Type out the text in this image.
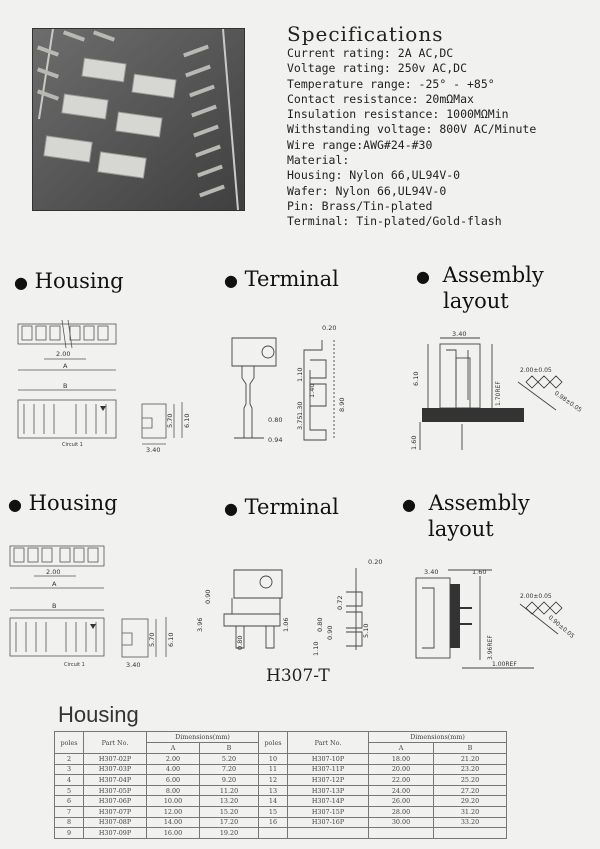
Specifications
Current rating: 2A AC,DC
Voltage rating: 250v AC,DC
Temperature range: -25° - +85°
Contact resistance: 20mΩMax
Insulation resistance: 1000MΩMin
Withstanding voltage: 800V AC/Minute
Wire range:AWG#24-#30
Material:
Housing: Nylon 66,UL94V-0
Wafer: Nylon 66,UL94V-0
Pin: Brass/Tin-plated
Terminal: Tin-plated/Gold-flash
● Housing	● Terminal	● Assembly
layout
2.00
A
B
Circuit 1
5.70 6.10
3.40
0.20
1.10
1.40
1.30
3.75
8.90
0.80
0.94
3.40
6.10
1.60
1.70REF
2.00±0.05
0.98±0.05
● Housing	● Terminal	● Assembly
layout
2.00
A
B
Circuit 1
5.70 6.10
3.40
0.20
0.90
3.96
0.80
1.06
1.10
0.72
0.80
0.90	5.10
H307-T
3.40	1.60
3.96REF
1.00REF
2.00±0.05
0.90±0.05
Housing
poles	Part No.	Dimensions(mm)		poles	Part No.	Dimensions(mm)	
		A	B			A	B
2	H307-02P	2.00	5.20	10	H307-10P	18.00	21.20
3	H307-03P	4.00	7.20	11	H307-11P	20.00	23.20
4	H307-04P	6.00	9.20	12	H307-12P	22.00	25.20
5	H307-05P	8.00	11.20	13	H307-13P	24.00	27.20
6	H307-06P	10.00	13.20	14	H307-14P	26.00	29.20
7	H307-07P	12.00	15.20	15	H307-15P	28.00	31.20
8	H307-08P	14.00	17.20	16	H307-16P	30.00	33.20
9	H307-09P	16.00	19.20				
